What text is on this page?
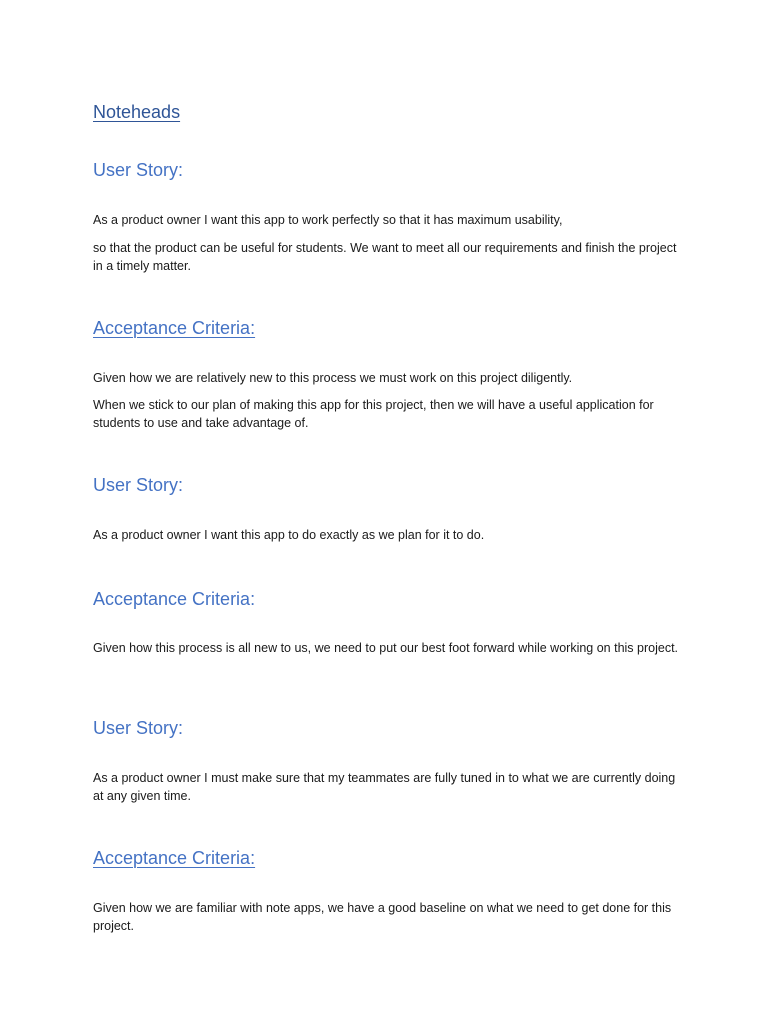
Noteheads
User Story:

As a product owner I want this app to work perfectly so that it has maximum usability,

so that the product can be useful for students. We want to meet all our requirements and finish the project in a timely matter.

Acceptance Criteria:

Given how we are relatively new to this process we must work on this project diligently.

When we stick to our plan of making this app for this project, then we will have a useful application for students to use and take advantage of.

User Story:

As a product owner I want this app to do exactly as we plan for it to do.

Acceptance Criteria:

Given how this process is all new to us, we need to put our best foot forward while working on this project.

User Story:

As a product owner I must make sure that my teammates are fully tuned in to what we are currently doing at any given time.

Acceptance Criteria:

Given how we are familiar with note apps, we have a good baseline on what we need to get done for this project.
